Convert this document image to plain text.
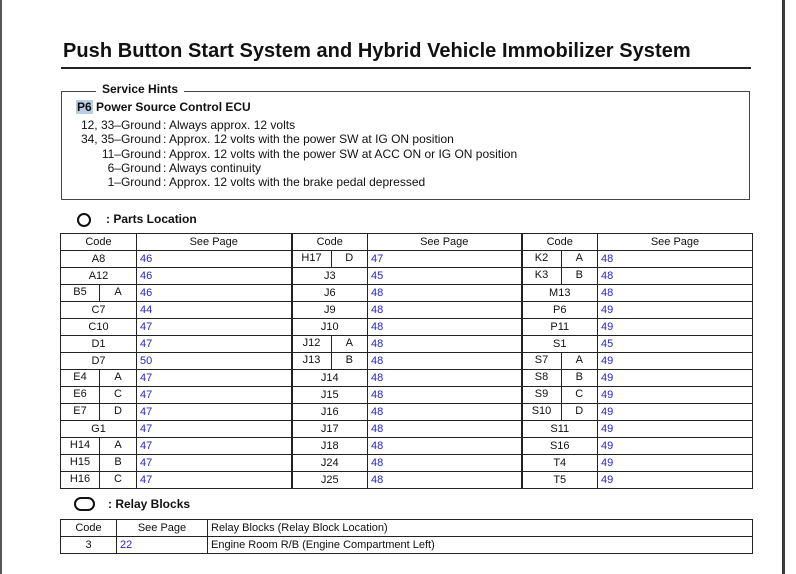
Push Button Start System and Hybrid Vehicle Immobilizer System
Service Hints
P6 Power Source Control ECU
12, 33–Ground : Always approx. 12 volts
34, 35–Ground : Approx. 12 volts with the power SW at IG ON position
11–Ground : Approx. 12 volts with the power SW at ACC ON or IG ON position
6–Ground : Always continuity
1–Ground : Approx. 12 volts with the brake pedal depressed
: Parts Location
Code	See Page	Code	See Page	Code	See Page
A8	46	H17 D	47	K2 A	48
A12	46	J3	45	K3 B	48

B5 A	46	J6	48	M13	48
C7	44	J9	48	P6	49
C10	47	J10	48	P11	49
D1	47	J12 A	48	S1	45
D7	50	J13 B	48	S7 A	49

E4 A	47	J14	48	S8 B	49

E6 C	47	J15	48	S9 C	49

E7 D	47	J16	48	S10 D	49
G1	47	J17	48	S11	49

H14 A	47	J18	48	S16	49

H15 B	47	J24	48	T4	49

H16 C	47	J25	48	T5	49
: Relay Blocks
Code	See Page	Relay Blocks (Relay Block Location)
3	22	Engine Room R/B (Engine Compartment Left)
